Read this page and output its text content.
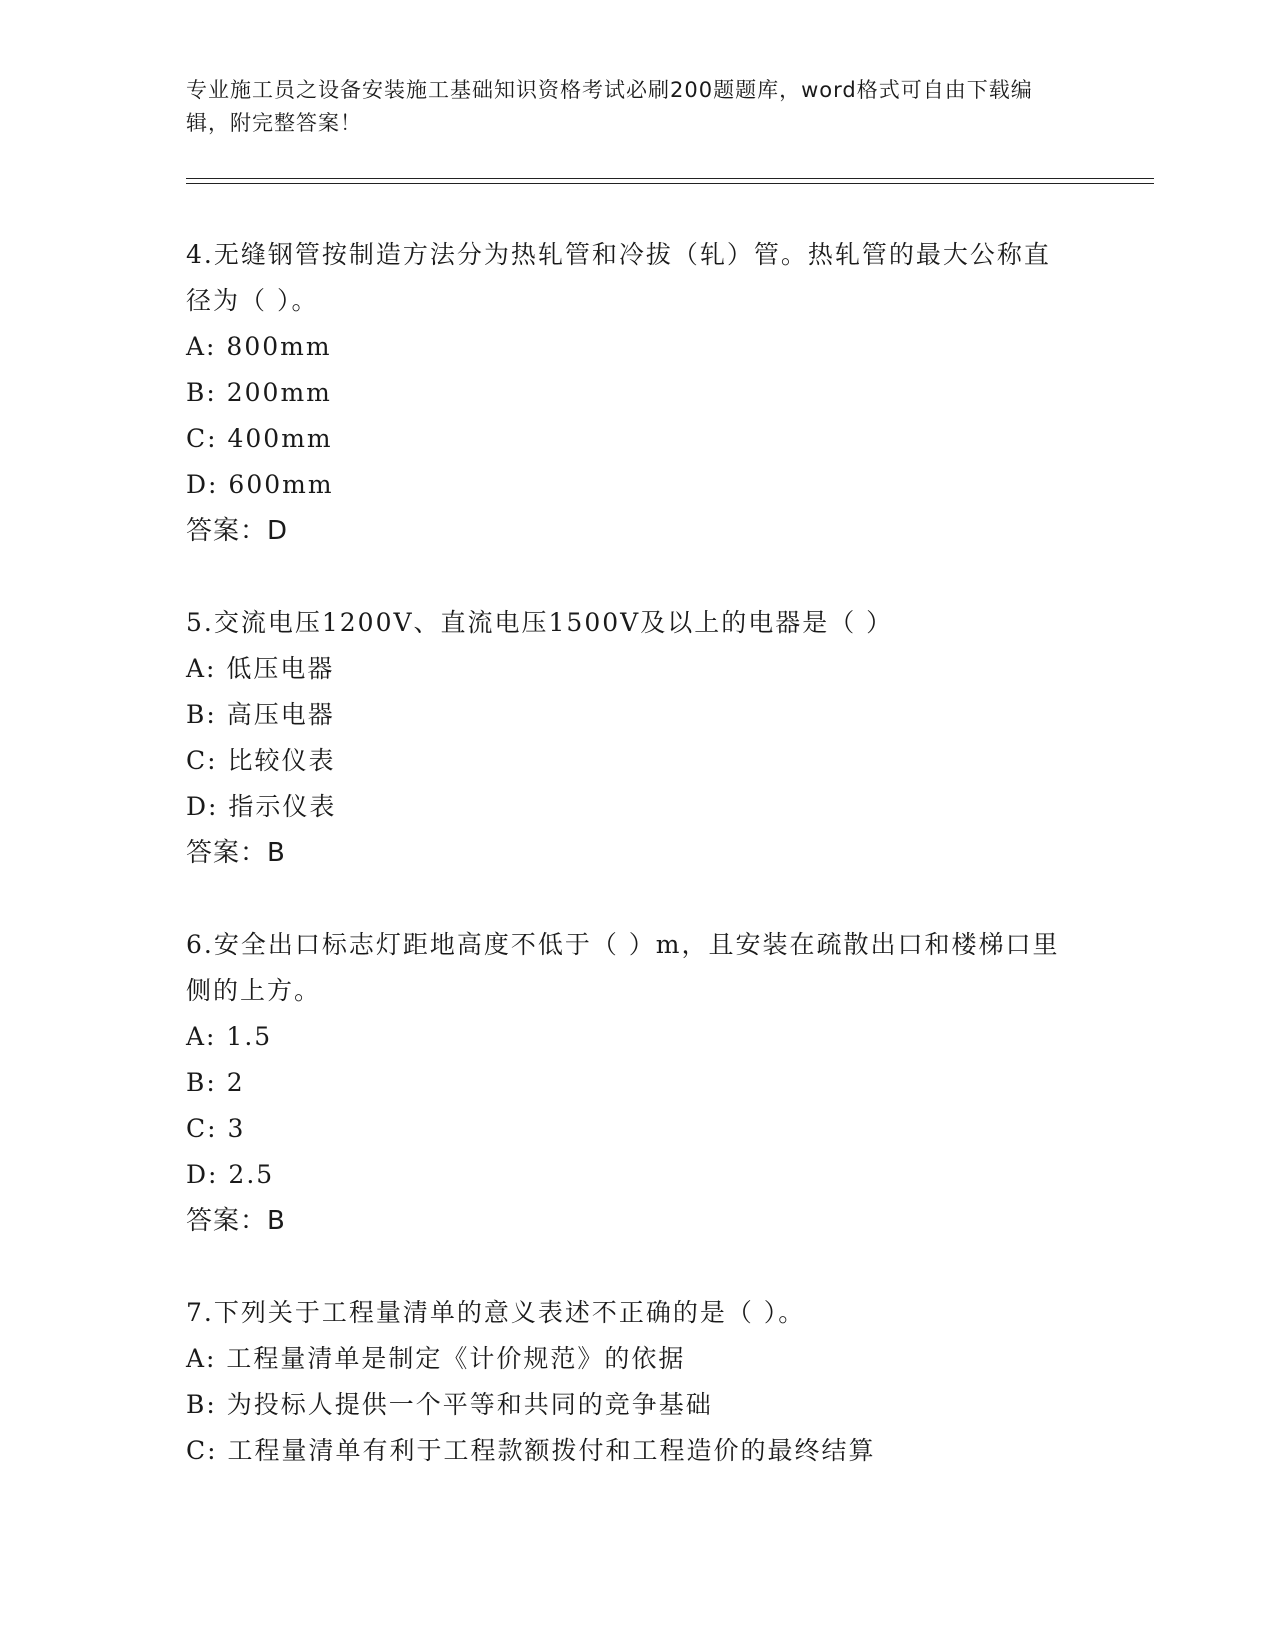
专业施工员之设备安装施工基础知识资格考试必刷200题题库，word格式可自由下载编辑，附完整答案！
4.无缝钢管按制造方法分为热轧管和冷拔（轧）管。热轧管的最大公称直径为（ ）。
A: 800mm
B: 200mm
C: 400mm
D: 600mm
答案：D
5.交流电压1200V、直流电压1500V及以上的电器是（ ）
A: 低压电器
B: 高压电器
C: 比较仪表
D: 指示仪表
答案：B
6.安全出口标志灯距地高度不低于（ ）m，且安装在疏散出口和楼梯口里侧的上方。
A: 1.5
B: 2
C: 3
D: 2.5
答案：B
7.下列关于工程量清单的意义表述不正确的是（ ）。
A: 工程量清单是制定《计价规范》的依据
B: 为投标人提供一个平等和共同的竞争基础
C: 工程量清单有利于工程款额拨付和工程造价的最终结算
